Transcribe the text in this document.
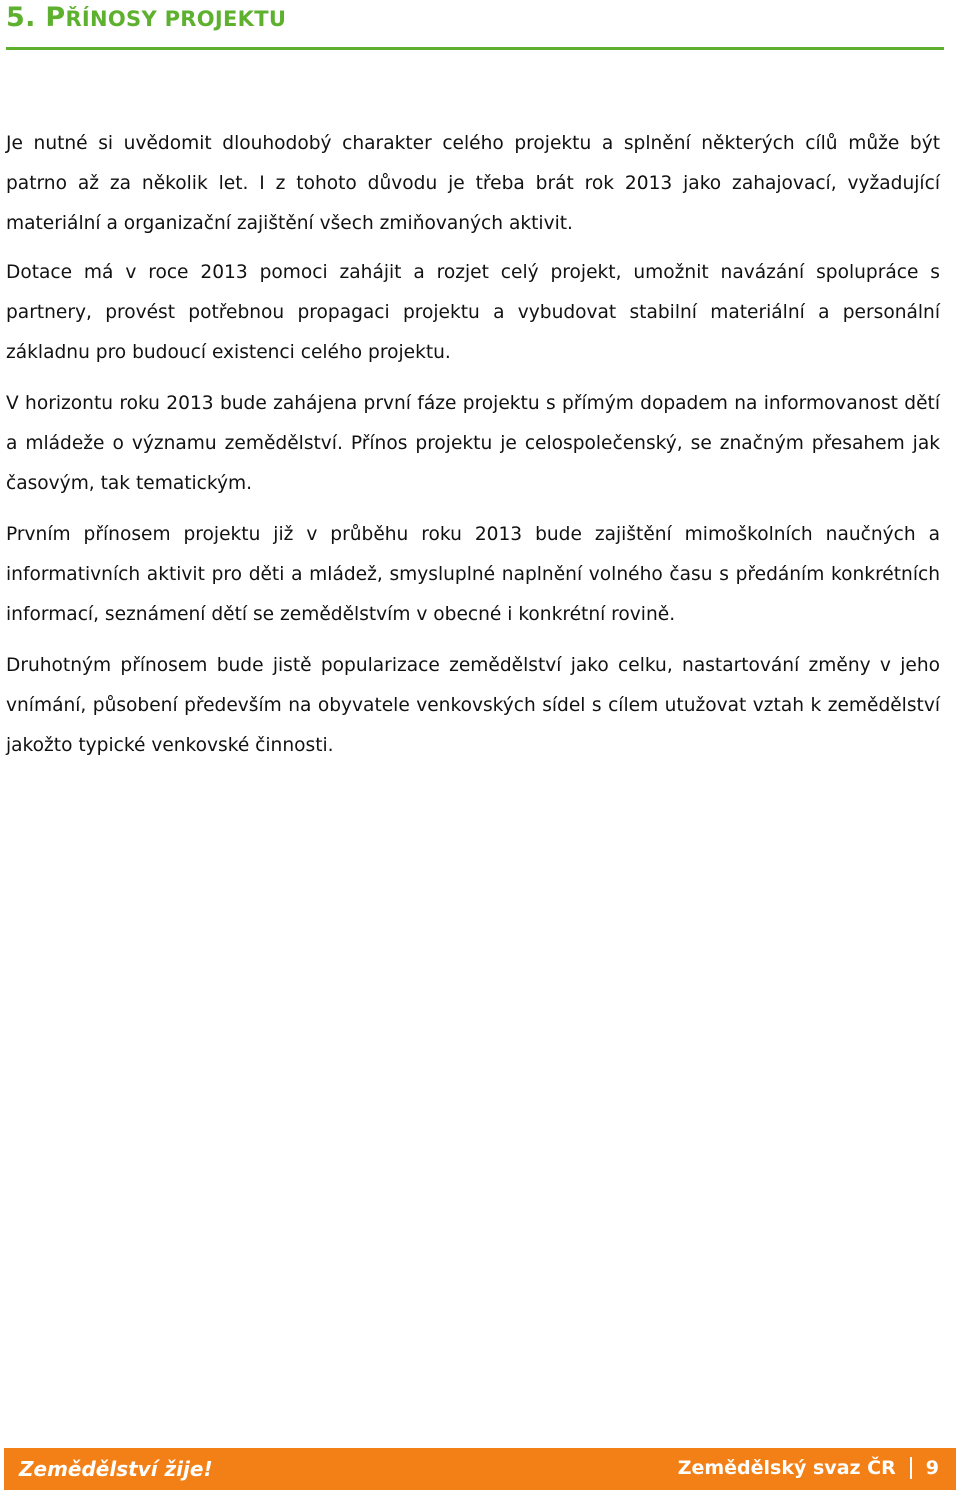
5. PŘÍNOSY PROJEKTU

Je nutné si uvědomit dlouhodobý charakter celého projektu a splnění některých cílů může být patrno až za několik let. I z tohoto důvodu je třeba brát rok 2013 jako zahajovací, vyžadující materiální a organizační zajištění všech zmiňovaných aktivit.

Dotace má v roce 2013 pomoci zahájit a rozjet celý projekt, umožnit navázání spolupráce s partnery, provést potřebnou propagaci projektu a vybudovat stabilní materiální a personální základnu pro budoucí existenci celého projektu.

V horizontu roku 2013 bude zahájena první fáze projektu s přímým dopadem na informovanost dětí a mládeže o významu zemědělství. Přínos projektu je celospolečenský, se značným přesahem jak časovým, tak tematickým.

Prvním přínosem projektu již v průběhu roku 2013 bude zajištění mimoškolních naučných a informativních aktivit pro děti a mládež, smysluplné naplnění volného času s předáním konkrétních informací, seznámení dětí se zemědělstvím v obecné i konkrétní rovině.

Druhotným přínosem bude jistě popularizace zemědělství jako celku, nastartování změny v jeho vnímání, působení především na obyvatele venkovských sídel s cílem utužovat vztah k zemědělství jakožto typické venkovské činnosti.

Zemědělství žije!	Zemědělský svaz ČR 9
